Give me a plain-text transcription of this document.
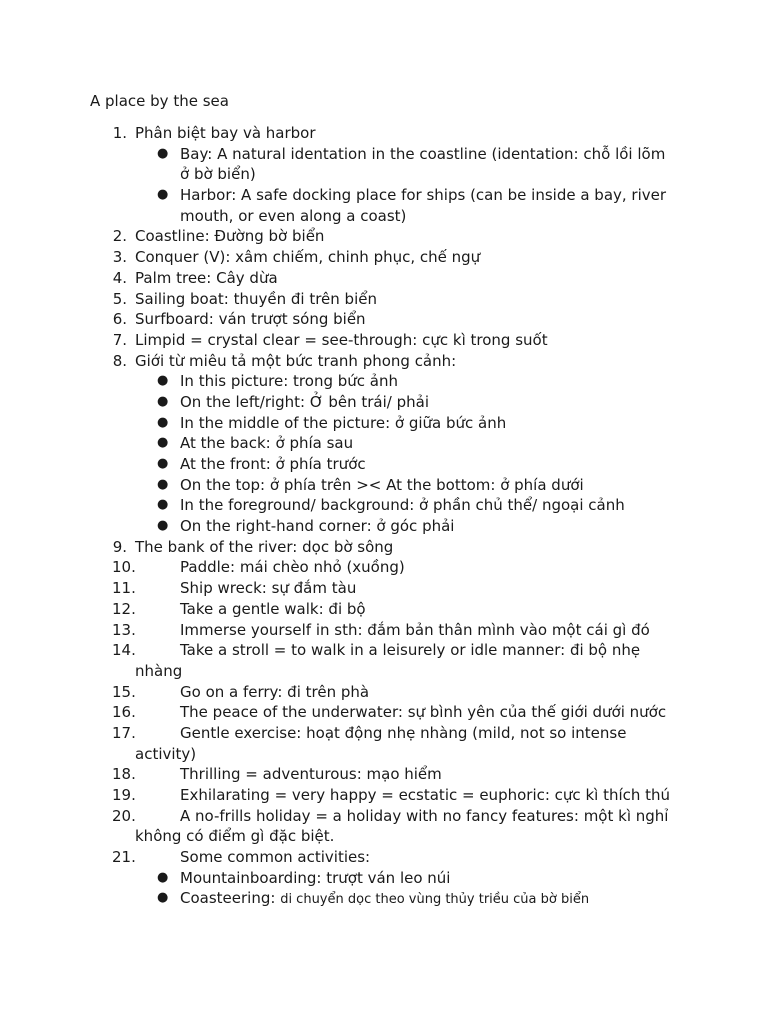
A place by the sea
1. Phân biệt bay và harbor
● Bay: A natural identation in the coastline (identation: chỗ lồi lõm
ở bờ biển)
● Harbor: A safe docking place for ships (can be inside a bay, river
mouth, or even along a coast)
2. Coastline: Đường bờ biển
3. Conquer (V): xâm chiếm, chinh phục, chế ngự
4. Palm tree: Cây dừa
5. Sailing boat: thuyền đi trên biển
6. Surfboard: ván trượt sóng biển
7. Limpid = crystal clear = see-through: cực kì trong suốt
8. Giới từ miêu tả một bức tranh phong cảnh:
● In this picture: trong bức ảnh
● On the left/right: Ở bên trái/ phải
● In the middle of the picture: ở giữa bức ảnh
● At the back: ở phía sau
● At the front: ở phía trước
● On the top: ở phía trên >< At the bottom: ở phía dưới
● In the foreground/ background: ở phần chủ thể/ ngoại cảnh
● On the right-hand corner: ở góc phải
9. The bank of the river: dọc bờ sông
10.	Paddle: mái chèo nhỏ (xuồng)
11.	Ship wreck: sự đắm tàu
12.	Take a gentle walk: đi bộ
13.	Immerse yourself in sth: đắm bản thân mình vào một cái gì đó
14.	Take a stroll = to walk in a leisurely or idle manner: đi bộ nhẹ
nhàng
15.	Go on a ferry: đi trên phà
16.	The peace of the underwater: sự bình yên của thế giới dưới nước
17.	Gentle exercise: hoạt động nhẹ nhàng (mild, not so intense
activity)
18.	Thrilling = adventurous: mạo hiểm
19.	Exhilarating = very happy = ecstatic = euphoric: cực kì thích thú
20.	A no-frills holiday = a holiday with no fancy features: một kì nghỉ
không có điểm gì đặc biệt.
21.	Some common activities:
● Mountainboarding: trượt ván leo núi
● Coasteering: di chuyển dọc theo vùng thủy triều của bờ biển
